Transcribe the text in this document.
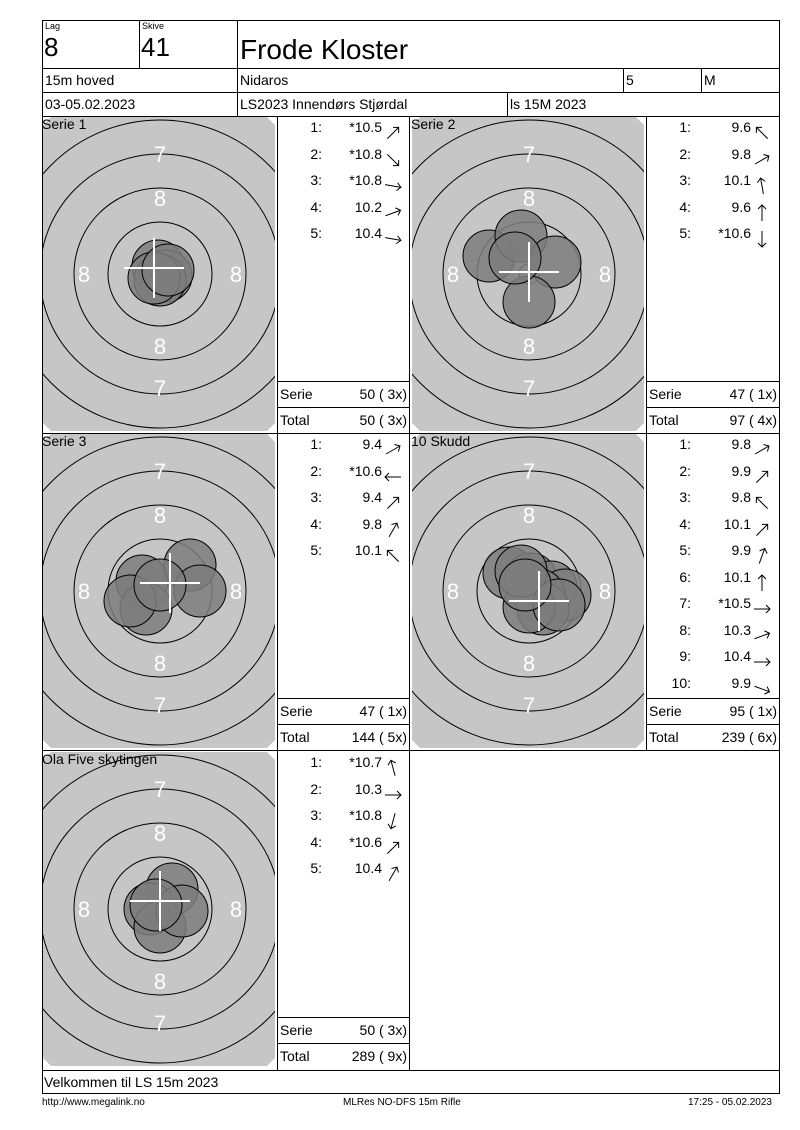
Lag
8
Skive
41	Frode Kloster
15m hoved	Nidaros	5	M
03-05.02.2023	LS2023 Innendørs Stjørdal	ls 15M 2023
7
7
8
8
8	8
Serie 1
7
7
8
8
8	8
Serie 2
7
7
8
8
8	8
Serie 3
7
7
8
8
8	8
10 Skudd
7
7
8
8
8	8
Ola Five skytingen
Velkommen til LS 15m 2023
http://www.megalink.no	MLRes NO-DFS 15m Rifle	17:25 - 05.02.2023
1:	*10.5
2:	*10.8
3:	*10.8
4:	10.2
5:	10.4
Serie	50 ( 3x)
Total	50 ( 3x)
1:	9.6
2:	9.8
3:	10.1
4:	9.6
5:	*10.6
Serie	47 ( 1x)
Total	97 ( 4x)
1:	9.4
2:	*10.6
3:	9.4
4:	9.8
5:	10.1
Serie	47 ( 1x)
Total	144 ( 5x)
1:	9.8
2:	9.9
3:	9.8
4:	10.1
5:	9.9
6:	10.1
7:	*10.5
8:	10.3
9:	10.4
10:	9.9
Serie	95 ( 1x)
Total	239 ( 6x)
1:	*10.7
2:	10.3
3:	*10.8
4:	*10.6
5:	10.4
Serie	50 ( 3x)
Total	289 ( 9x)
